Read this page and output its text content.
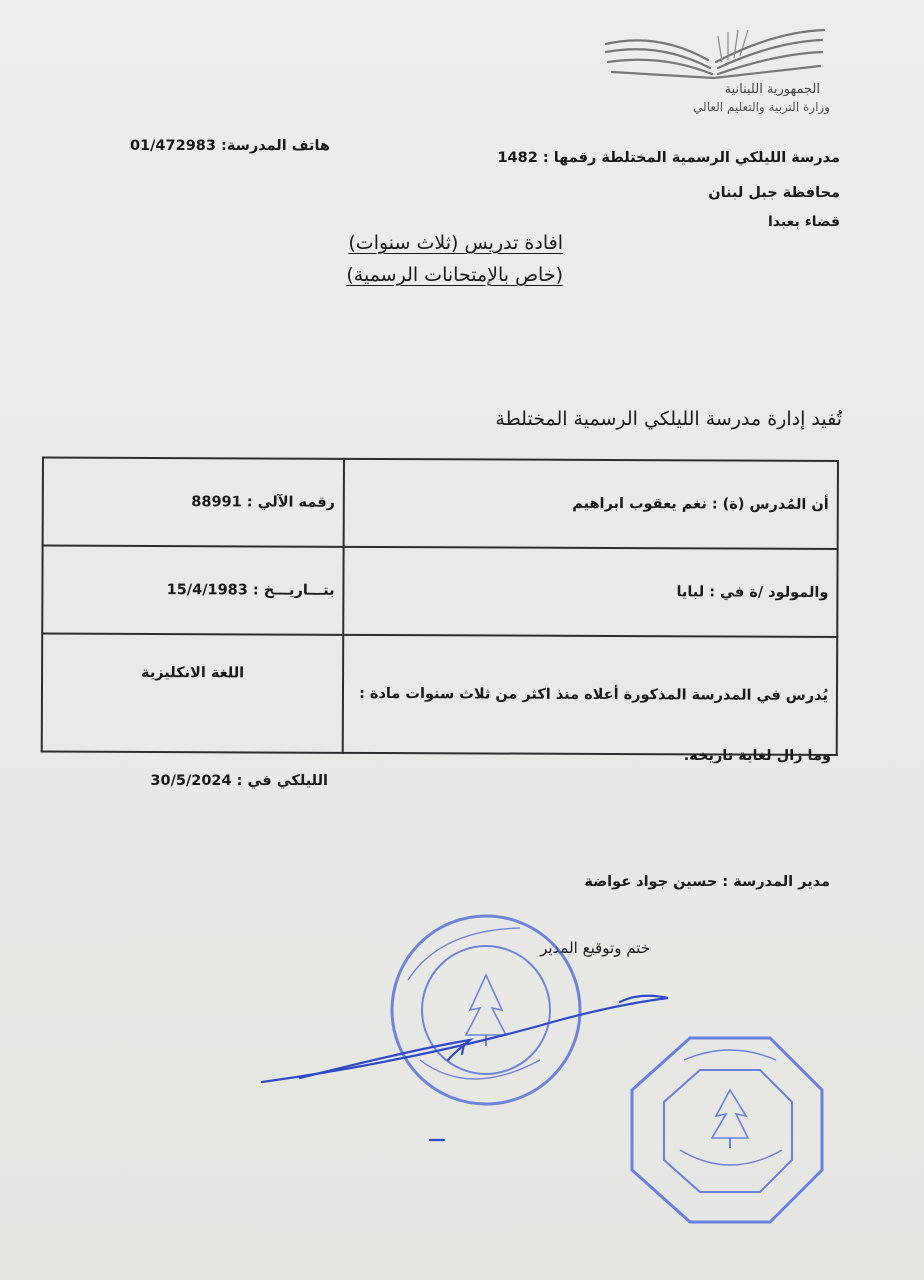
الجمهورية اللبنانية
وزارة التربية والتعليم العالي
مدرسة الليلكي الرسمية المختلطة رقمها : 1482
هاتف المدرسة: 01/472983
محافظة جبل لبنان
قضاء بعبدا
افادة تدريس (ثلاث سنوات)
(خاص بالإمتحانات الرسمية)
تُفيد إدارة مدرسة الليلكي الرسمية المختلطة
أن المُدرس (ة) : نغم يعقوب ابراهيم	رقمه الآلي : 88991
والمولود /ة في : لبايا	بتـــاريـــخ : 15/4/1983
يُدرس في المدرسة المذكورة أعلاه منذ اكثر من ثلاث سنوات مادة :	اللغة الانكليزية
وما زال لغاية تاريخه.
الليلكي في : 30/5/2024
مدير المدرسة : حسين جواد عواضة
ختم وتوقيع المدير
